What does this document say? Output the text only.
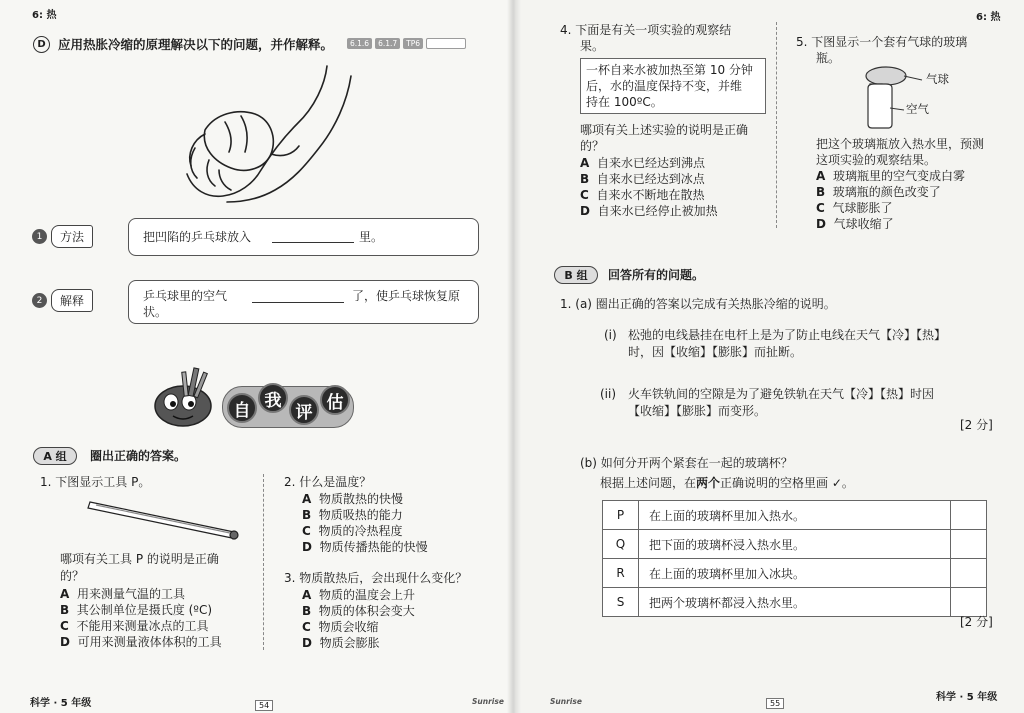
6: 热
D 应用热胀冷缩的原理解决以下的问题，并作解释。	6.1.6	6.1.7	TP6
1	方法	把凹陷的乒乓球放入	里。
2	解释	乒乓球里的空气	了，使乒乓球恢复原
状。
自 我
评 估
A 组	圈出正确的答案。
1. 下图显示工具 P。
哪项有关工具 P 的说明是正确
的？
A 用来测量气温的工具
B 其公制单位是摄氏度 (ºC)
C 不能用来测量冰点的工具
D 可用来测量液体体积的工具
2. 什么是温度？
A 物质散热的快慢
B 物质吸热的能力
C 物质的冷热程度
D 物质传播热能的快慢
3. 物质散热后，会出现什么变化？
A 物质的温度会上升
B 物质的体积会变大
C 物质会收缩
D 物质会膨胀
科学 · 5 年级	54	Sunrise
6: 热
4. 下面是有关一项实验的观察结
果。
一杯自来水被加热至第 10 分钟
后，水的温度保持不变，并维
持在 100ºC。
哪项有关上述实验的说明是正确
的？
A 自来水已经达到沸点
B 自来水已经达到冰点
C 自来水不断地在散热
D 自来水已经停止被加热
5. 下图显示一个套有气球的玻璃
瓶。
气球
空气
把这个玻璃瓶放入热水里，预测
这项实验的观察结果。
A 玻璃瓶里的空气变成白雾
B 玻璃瓶的颜色改变了
C 气球膨胀了
D 气球收缩了
B 组	回答所有的问题。
1. (a) 圈出正确的答案以完成有关热胀冷缩的说明。
(i) 松弛的电线悬挂在电杆上是为了防止电线在天气【冷】【热】
时，因【收缩】【膨胀】而扯断。
(ii) 火车铁轨间的空隙是为了避免铁轨在天气【冷】【热】时因
【收缩】【膨胀】而变形。
[2 分]
(b) 如何分开两个紧套在一起的玻璃杯？
根据上述问题，在两个正确说明的空格里画 ✓。
P	在上面的玻璃杯里加入热水。	
Q	把下面的玻璃杯浸入热水里。	
R	在上面的玻璃杯里加入冰块。	
S	把两个玻璃杯都浸入热水里。	
[2 分]
Sunrise	55
科学 · 5 年级
